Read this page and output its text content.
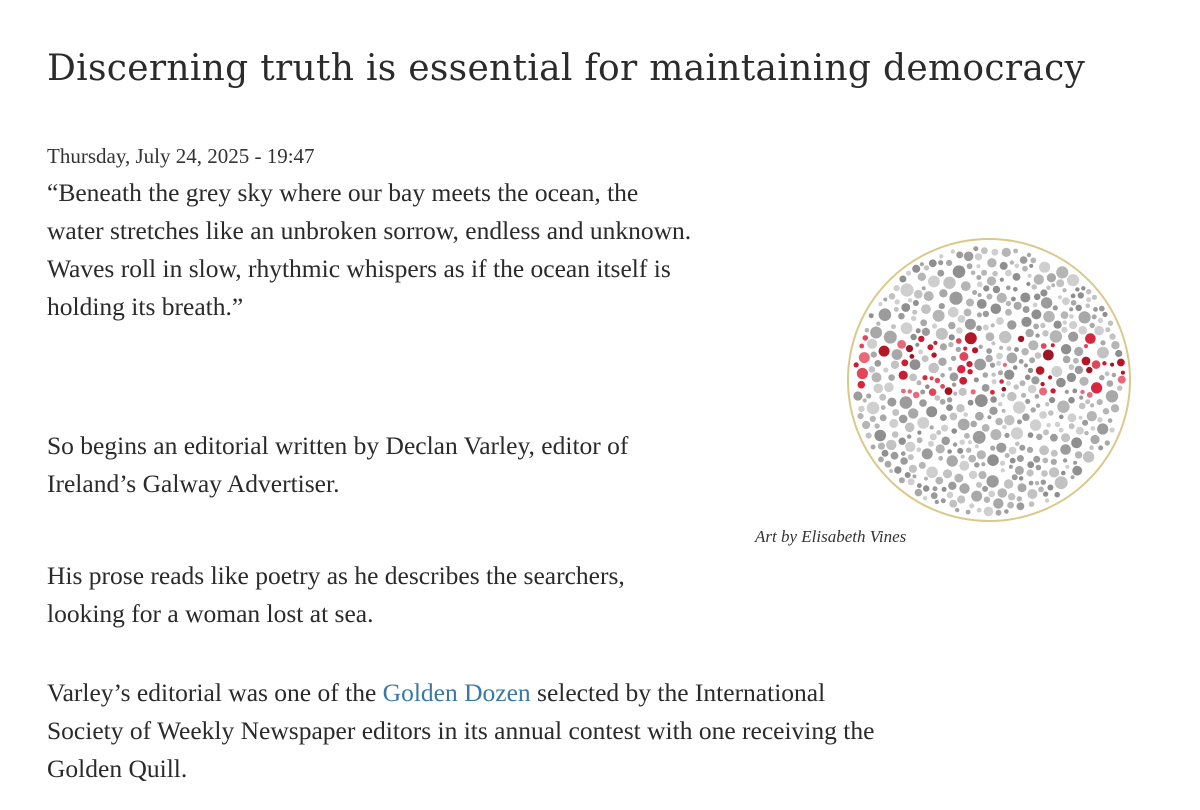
Discerning truth is essential for maintaining democracy
Thursday, July 24, 2025 - 19:47

“Beneath the grey sky where our bay meets the ocean, the water stretches like an unbroken sorrow, endless and unknown. Waves roll in slow, rhythmic whispers as if the ocean itself is holding its breath.”

So begins an editorial written by Declan Varley, editor of Ireland’s Galway Advertiser.

His prose reads like poetry as he describes the searchers, looking for a woman lost at sea.

Varley’s editorial was one of the Golden Dozen selected by the International Society of Weekly Newspaper editors in its annual contest with one receiving the Golden Quill.

Art by Elisabeth Vines
